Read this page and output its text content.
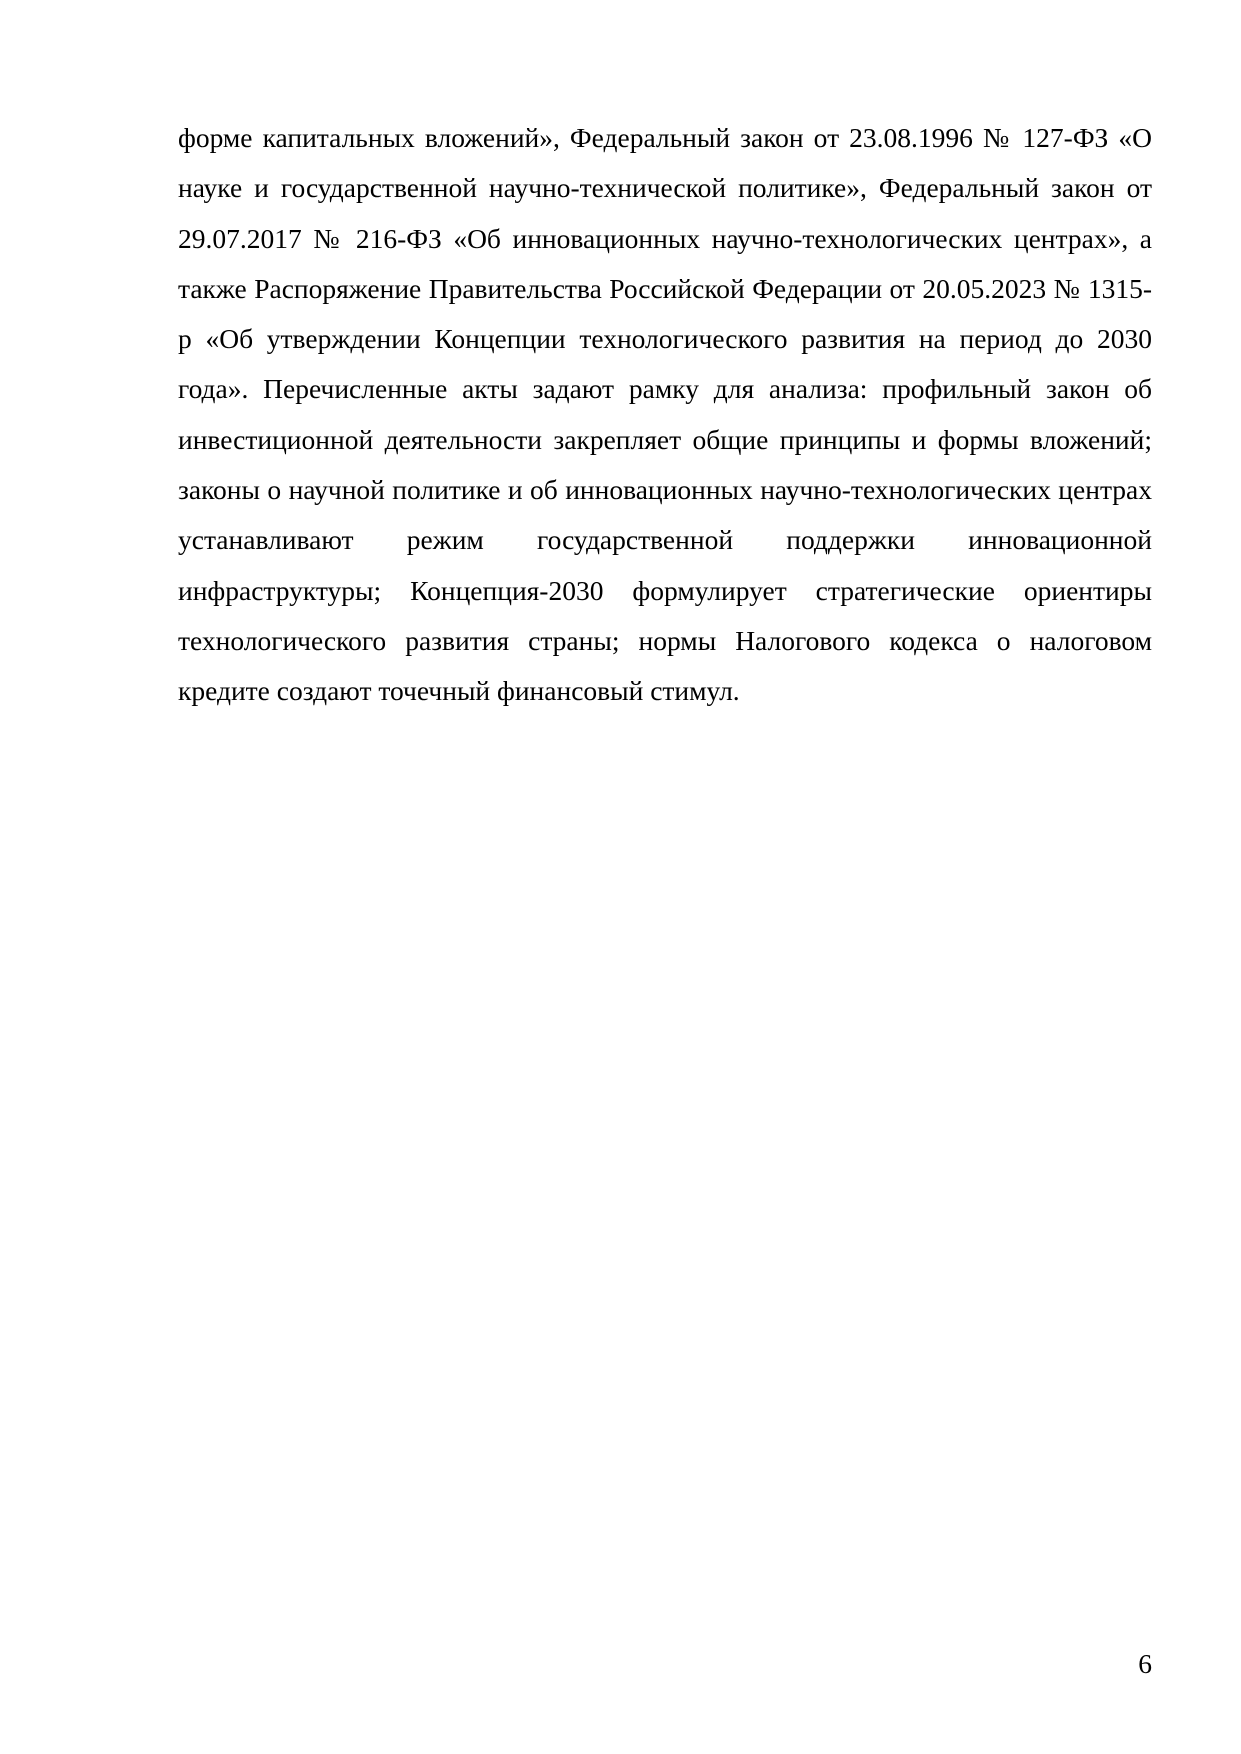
форме капитальных вложений», Федеральный закон от 23.08.1996 № 127-ФЗ «О науке и государственной научно-технической политике», Федеральный закон от 29.07.2017 № 216-ФЗ «Об инновационных научно-технологических центрах», а также Распоряжение Правительства Российской Федерации от 20.05.2023 № 1315-р «Об утверждении Концепции технологического развития на период до 2030 года». Перечисленные акты задают рамку для анализа: профильный закон об инвестиционной деятельности закрепляет общие принципы и формы вложений; законы о научной политике и об инновационных научно-технологических центрах устанавливают режим государственной поддержки инновационной инфраструктуры; Концепция-2030 формулирует стратегические ориентиры технологического развития страны; нормы Налогового кодекса о налоговом кредите создают точечный финансовый стимул.

6
